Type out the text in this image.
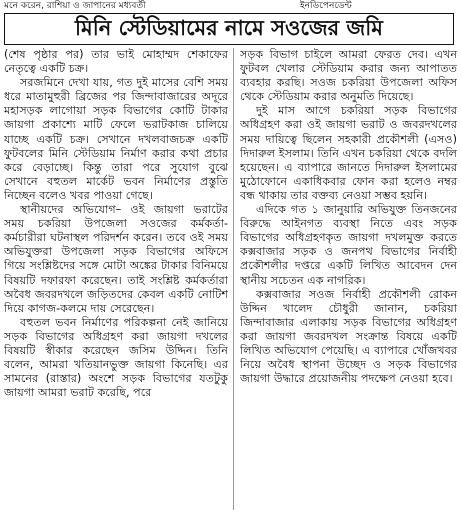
মনে করেন, রাশিয়া ও জাপানের মধ্যবর্তী	ইনডিপেনডেন্ট
মিনি স্টেডিয়ামের নামে সওজের জমি

(শেষ পৃষ্ঠার পর) তার ভাই মোহাম্মদ শেকাফের নেতৃত্বে একটি চক্র।

সরজমিনে দেখা যায়, গত দুই মাসের বেশি সময় ধরে মাতামুহুরী ব্রিজের পর জিন্দাবাজারের অদূরে মহাসড়ক লাগোয়া সড়ক বিভাগের কোটি টাকার জায়গা প্রকাশ্যে মাটি ফেলে ভরাটকাজ চালিয়ে যাচ্ছে একটি চক্র। সেখানে দখলবাজচক্র একটি ফুটবলের মিনি স্টেডিয়াম নির্মাণ করার কথা প্রচার করে বেড়াচ্ছে। কিন্তু তারা পরে সুযোগ বুঝে সেখানে বহুতল মার্কেট ভবন নির্মাণের প্রস্তুতি নিচ্ছেন বলেও খবর পাওয়া গেছে।

স্থানীয়দের অভিযোগ– ওই জায়গা ভরাটের সময় চকরিয়া উপজেলা সওজের কর্মকর্তা-কর্মচারীরা ঘটনাস্থল পরিদর্শন করেন। তবে ওই সময় অভিযুক্তরা উপজেলা সড়ক বিভাগের অফিসে গিয়ে সংশ্লিষ্টদের সঙ্গে মোটা অঙ্কের টাকার বিনিময়ে বিষয়টি দফারফা করেছেন। তাই সংশ্লিষ্ট কর্মকর্তারা অবৈধ জবরদখলে জড়িতদের কেবল একটি নোটিশ দিয়ে কাগজ-কলমে দায় সেরেছেন।

বহুতল ভবন নির্মাণের পরিকল্পনা নেই জানিয়ে সড়ক বিভাগের অধিগ্রহণ করা জায়গা দখলের বিষয়টি স্বীকার করেছেন জসিম উদ্দিন। তিনি বলেন, আমরা খতিয়ানভুক্ত জায়গা কিনেছি। এর সামনের (রাস্তার) অংশে সড়ক বিভাগের যতটুকু জায়গা আমরা ভরাট করেছি, পরে

সড়ক বিভাগ চাইলে আমরা ফেরত দেব। এখন ফুটবল খেলার স্টেডিয়াম করার জন্য আপাতত ব্যবহার করছি। সওজ চকরিয়া উপজেলা অফিস থেকে স্টেডিয়াম করার অনুমতি দিয়েছে।

দুই মাস আগে চকরিয়া সড়ক বিভাগের অধিগ্রহণ করা ওই জায়গা ভরাট ও জবরদখলের সময় দায়িত্বে ছিলেন সহকারী প্রকৌশলী (এসও) দিদারুল ইসলাম। তিনি এখন চকরিয়া থেকে বদলি হয়েছেন। এ ব্যাপারে জানতে দিদারুল ইসলামের মুঠোফোনে একাধিকবার ফোন করা হলেও নম্বর বন্ধ থাকায় তার বক্তব্য নেওয়া সম্ভব হয়নি।

এদিকে গত ১ জানুয়ারি অভিযুক্ত তিনজনের বিরুদ্ধে আইনগত ব্যবস্থা নিতে এবং সড়ক বিভাগের অধিগ্রহণকৃত জায়গা দখলমুক্ত করতে কক্সবাজার সড়ক ও জনপথ বিভাগের নির্বাহী প্রকৌশলীর দপ্তরে একটি লিখিত আবেদন দেন স্থানীয় সচেতন এক নাগরিক।

কক্সবাজার সওজ নির্বাহী প্রকৌশলী রোকন উদ্দিন খালেদ চৌধুরী জানান, চকরিয়া জিন্দাবাজার এলাকায় সড়ক বিভাগের অধিগ্রহণ করা জায়গা জবরদখল সংক্রান্ত বিষয়ে একটি লিখিত অভিযোগ পেয়েছি। এ ব্যাপারে খোঁজখবর নিয়ে অবৈধ স্থাপনা উচ্ছেদ ও সড়ক বিভাগের জায়গা উদ্ধারে প্রয়োজনীয় পদক্ষেপ নেওয়া হবে।
